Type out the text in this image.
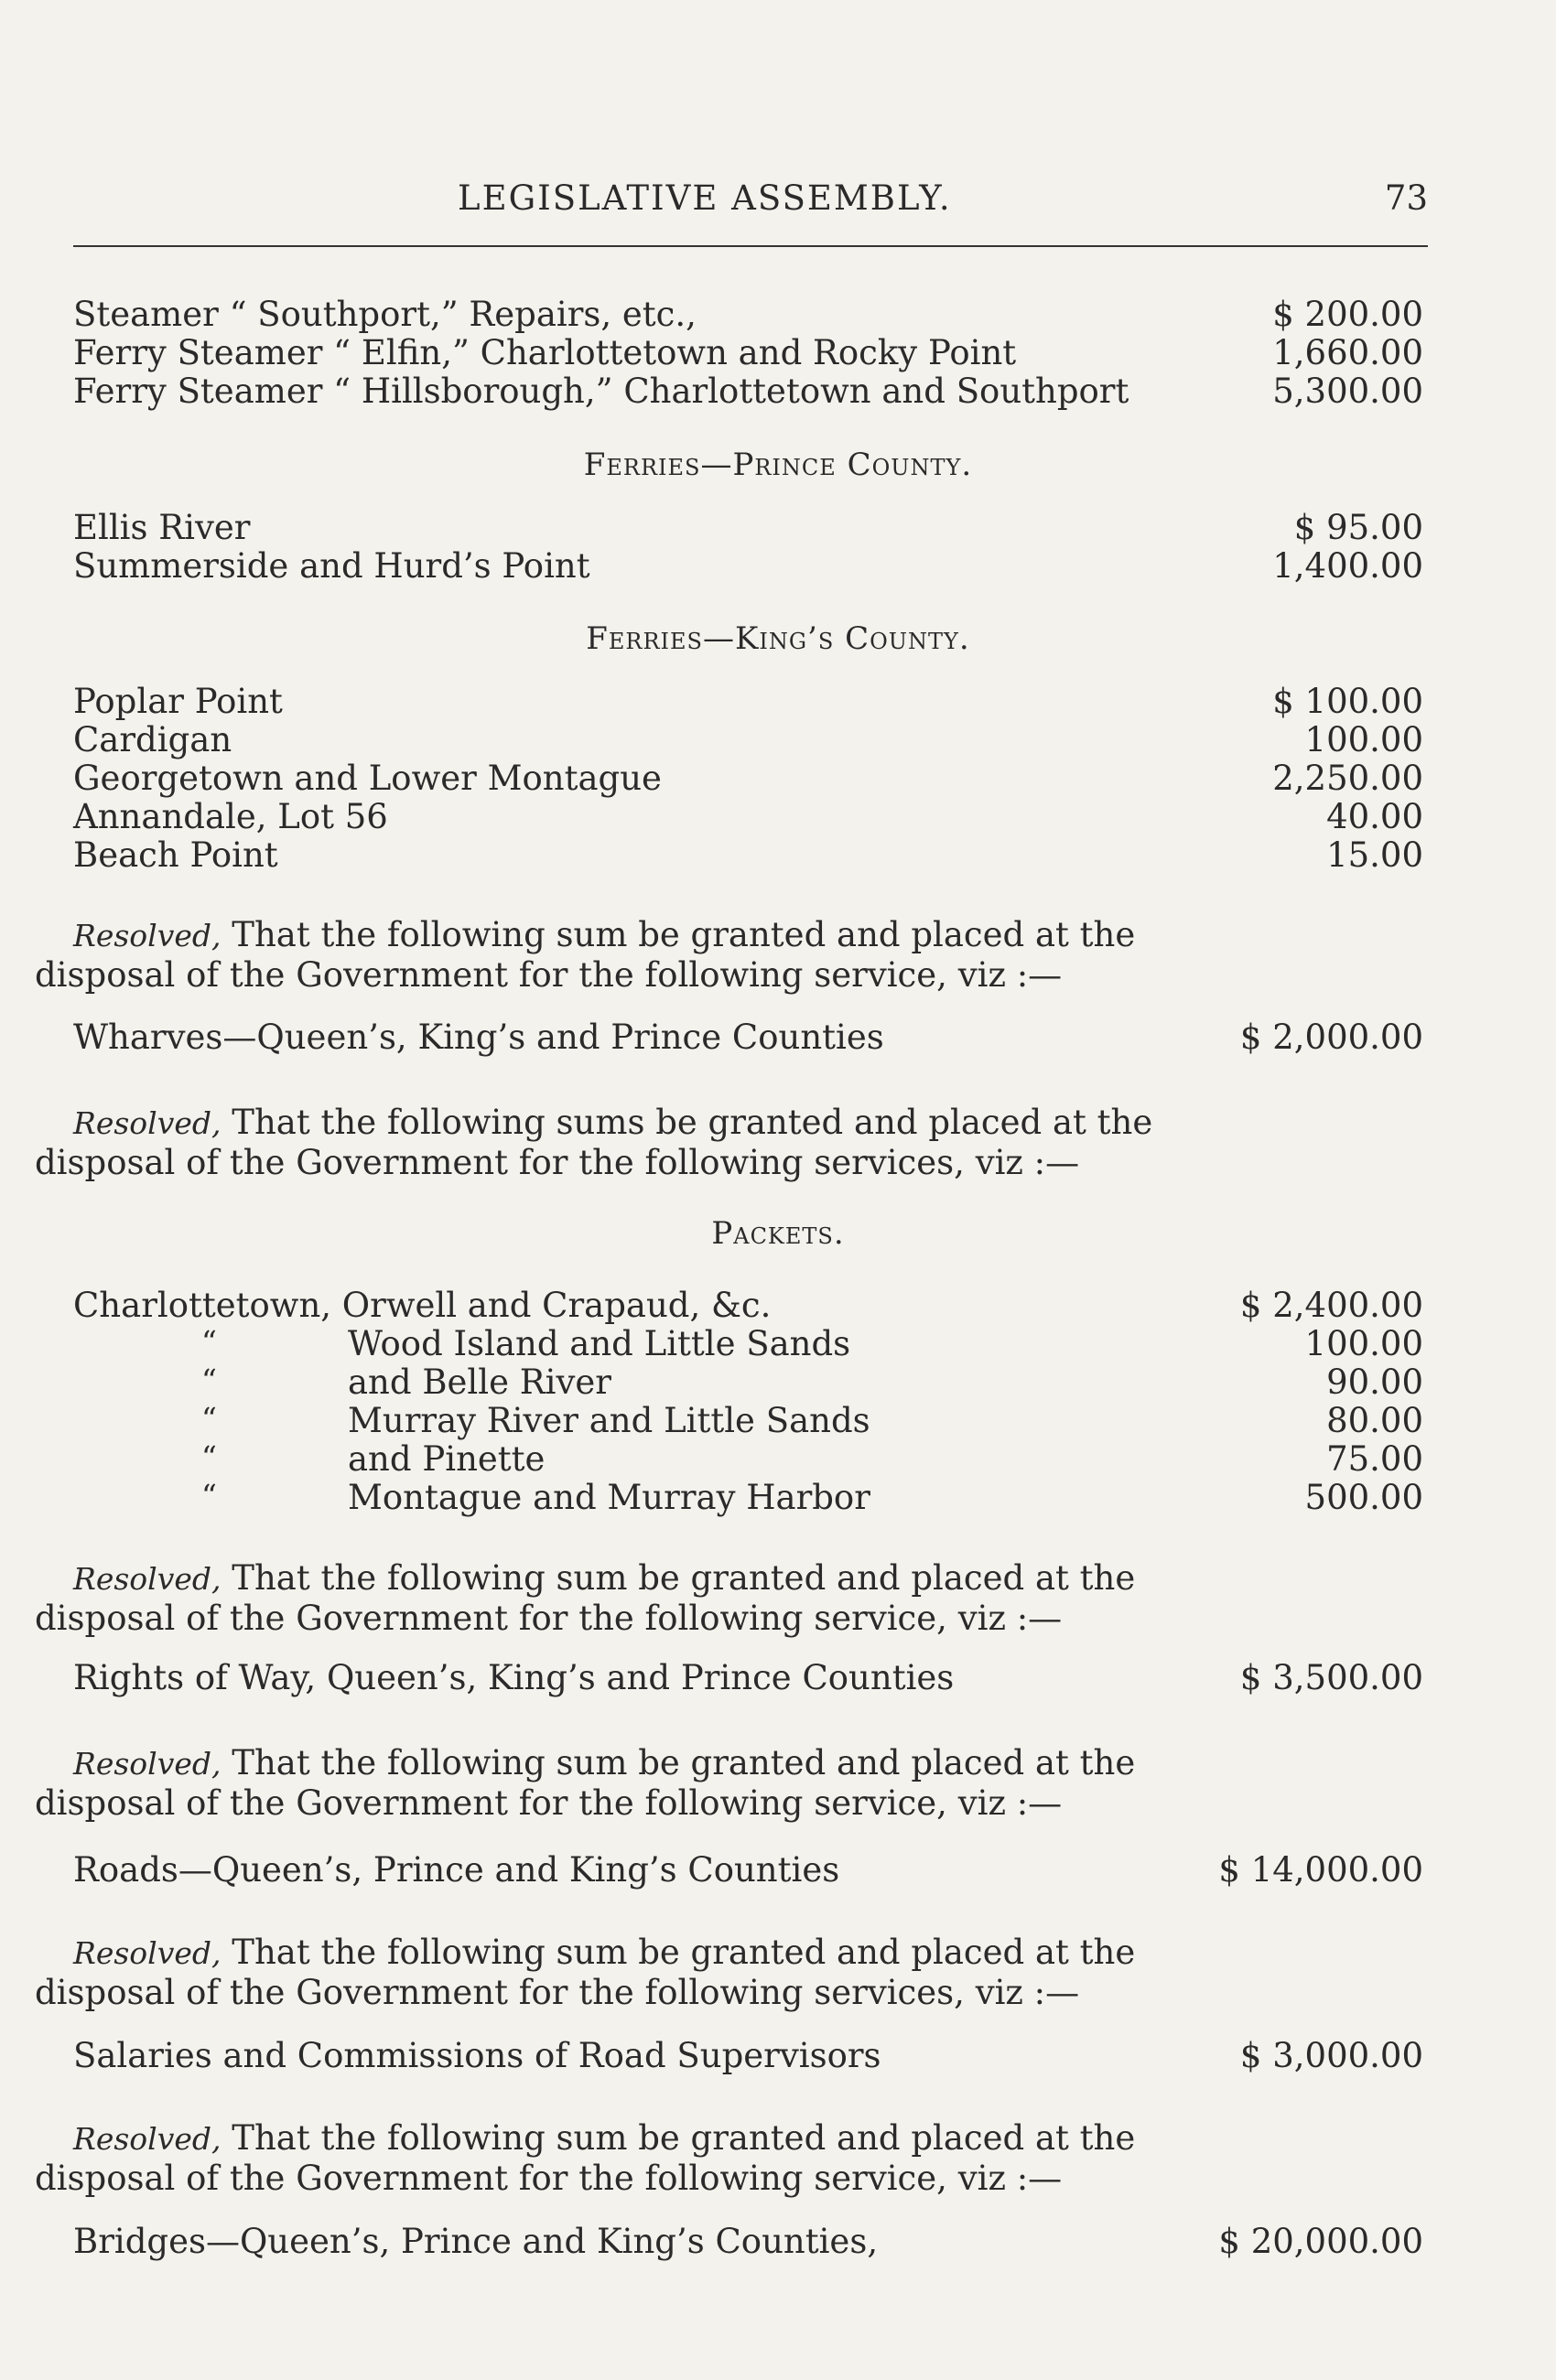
LEGISLATIVE ASSEMBLY.	73
Steamer “ Southport,” Repairs, etc.,	$ 200.00
Ferry Steamer “ Elfin,” Charlottetown and Rocky Point	1,660.00
Ferry Steamer “ Hillsborough,” Charlottetown and Southport	5,300.00
Ferries—Prince County.
Ellis River	$ 95.00
Summerside and Hurd’s Point	1,400.00
Ferries—King’s County.
Poplar Point	$ 100.00
Cardigan	100.00
Georgetown and Lower Montague	2,250.00
Annandale, Lot 56	40.00
Beach Point	15.00
Resolved, That the following sum be granted and placed at the disposal of the Government for the following service, viz :—
Wharves—Queen’s, King’s and Prince Counties	$ 2,000.00
Resolved, That the following sums be granted and placed at the disposal of the Government for the following services, viz :—
Packets.
Charlottetown, Orwell and Crapaud, &c.	$ 2,400.00
“	Wood Island and Little Sands	100.00
“	and Belle River	90.00
“	Murray River and Little Sands	80.00
“	and Pinette	75.00
“	Montague and Murray Harbor	500.00
Resolved, That the following sum be granted and placed at the disposal of the Government for the following service, viz :—
Rights of Way, Queen’s, King’s and Prince Counties	$ 3,500.00
Resolved, That the following sum be granted and placed at the disposal of the Government for the following service, viz :—
Roads—Queen’s, Prince and King’s Counties	$ 14,000.00
Resolved, That the following sum be granted and placed at the disposal of the Government for the following services, viz :—
Salaries and Commissions of Road Supervisors	$ 3,000.00
Resolved, That the following sum be granted and placed at the disposal of the Government for the following service, viz :—
Bridges—Queen’s, Prince and King’s Counties,	$ 20,000.00
